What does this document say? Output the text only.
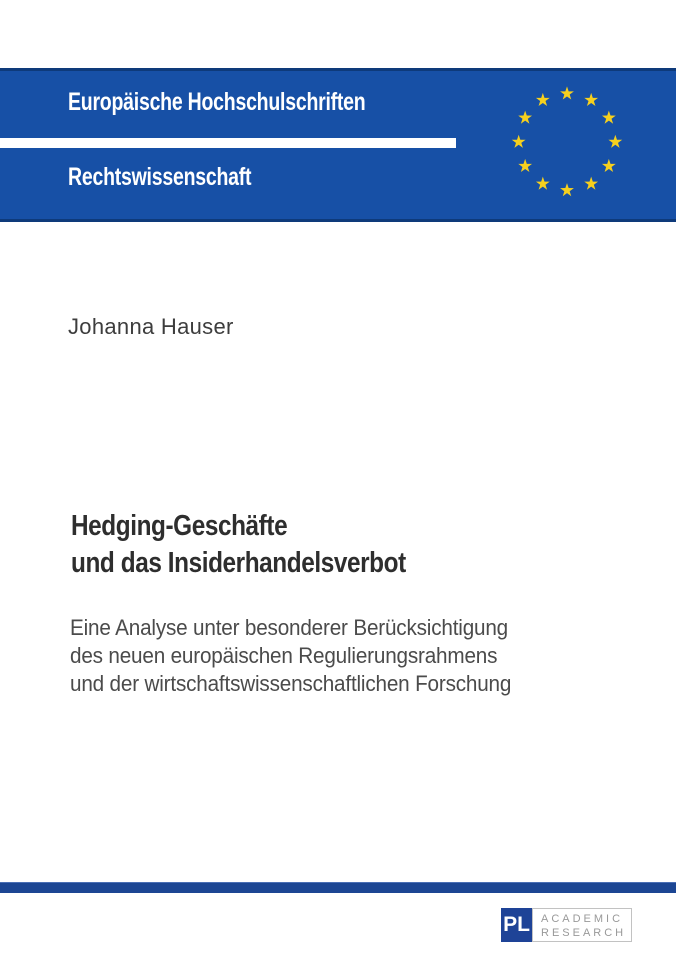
Europäische Hochschulschriften
Rechtswissenschaft
Johanna Hauser
Hedging-Geschäfte
und das Insiderhandelsverbot

Eine Analyse unter besonderer Berücksichtigung
des neuen europäischen Regulierungsrahmens
und der wirtschaftswissenschaftlichen Forschung

PL ACADEMIC
RESEARCH
